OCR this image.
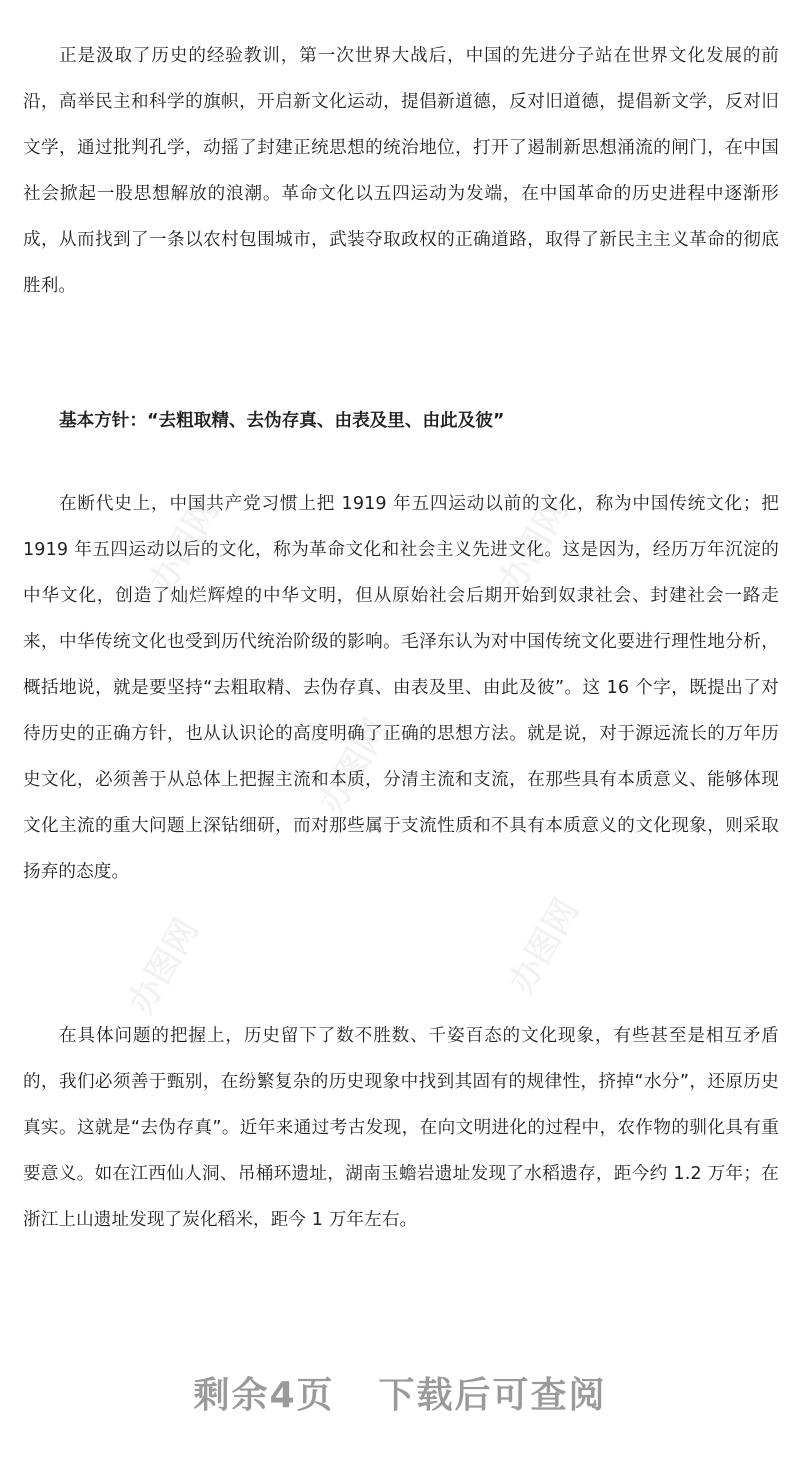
办图网	办图网
办图网
办图网	办图网

正是汲取了历史的经验教训，第一次世界大战后，中国的先进分子站在世界文化发展的前沿，高举民主和科学的旗帜，开启新文化运动，提倡新道德，反对旧道德，提倡新文学，反对旧文学，通过批判孔学，动摇了封建正统思想的统治地位，打开了遏制新思想涌流的闸门，在中国社会掀起一股思想解放的浪潮。革命文化以五四运动为发端，在中国革命的历史进程中逐渐形成，从而找到了一条以农村包围城市，武装夺取政权的正确道路，取得了新民主主义革命的彻底胜利。

基本方针：“去粗取精、去伪存真、由表及里、由此及彼”

在断代史上，中国共产党习惯上把 1919 年五四运动以前的文化，称为中国传统文化；把 1919 年五四运动以后的文化，称为革命文化和社会主义先进文化。这是因为，经历万年沉淀的中华文化，创造了灿烂辉煌的中华文明，但从原始社会后期开始到奴隶社会、封建社会一路走来，中华传统文化也受到历代统治阶级的影响。毛泽东认为对中国传统文化要进行理性地分析，概括地说，就是要坚持“去粗取精、去伪存真、由表及里、由此及彼”。这 16 个字，既提出了对待历史的正确方针，也从认识论的高度明确了正确的思想方法。就是说，对于源远流长的万年历史文化，必须善于从总体上把握主流和本质，分清主流和支流，在那些具有本质意义、能够体现文化主流的重大问题上深钻细研，而对那些属于支流性质和不具有本质意义的文化现象，则采取扬弃的态度。

在具体问题的把握上，历史留下了数不胜数、千姿百态的文化现象，有些甚至是相互矛盾的，我们必须善于甄别，在纷繁复杂的历史现象中找到其固有的规律性，挤掉“水分”，还原历史真实。这就是“去伪存真”。近年来通过考古发现，在向文明进化的过程中，农作物的驯化具有重要意义。如在江西仙人洞、吊桶环遗址，湖南玉蟾岩遗址发现了水稻遗存，距今约 1.2 万年；在浙江上山遗址发现了炭化稻米，距今 1 万年左右。

剩余4页 下载后可查阅
